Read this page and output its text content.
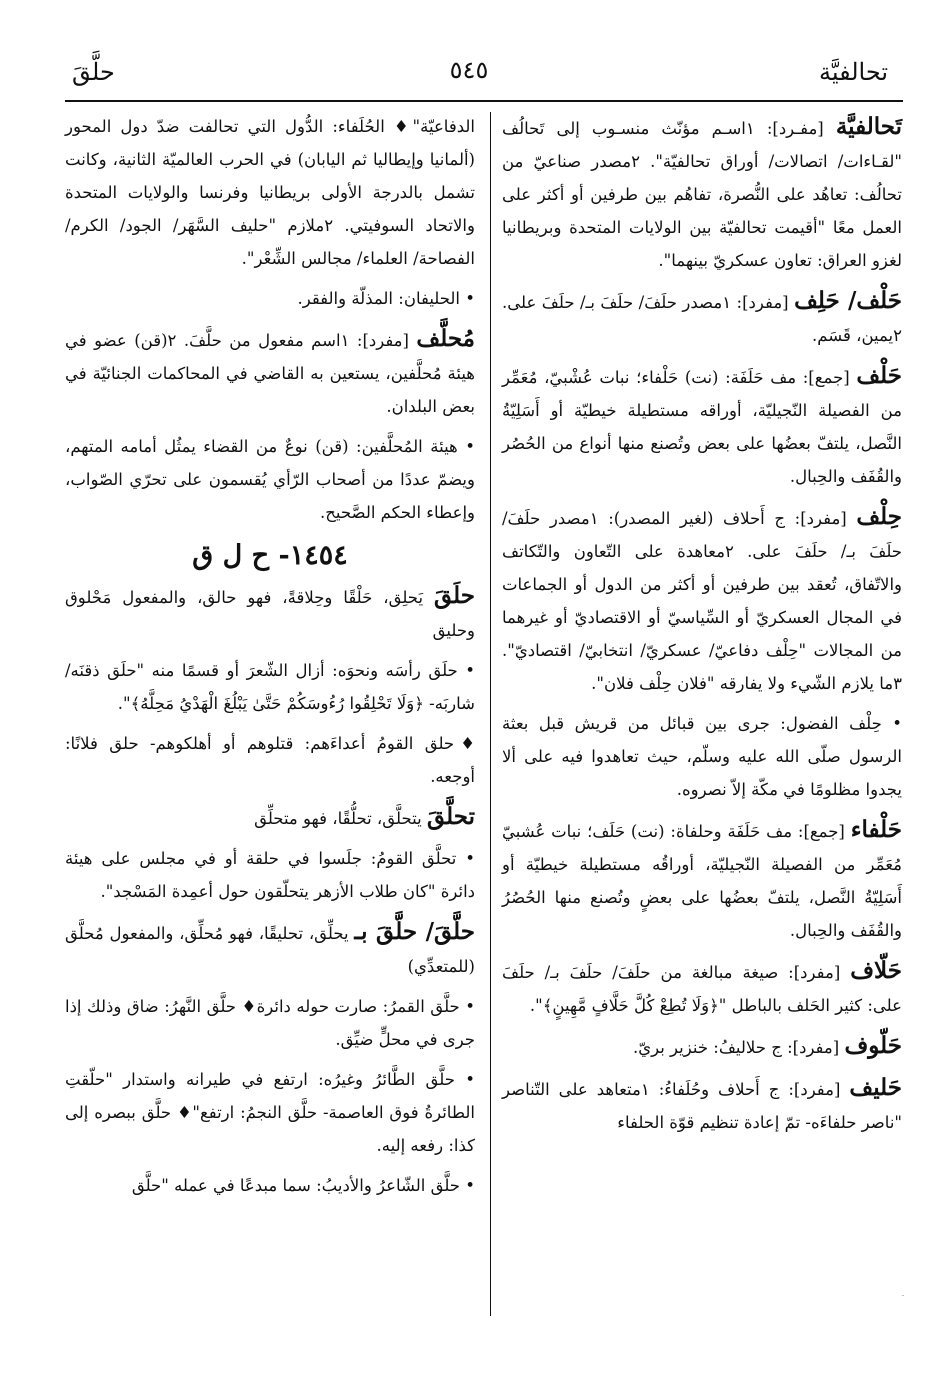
تحالفيَّة
٥٤٥
حلَّقَ

تَحالفيَّة [مفـرد]: ١اسـم مؤنّث منسـوب إلى تَحالُف "لقـاءات/ اتصالات/ أوراق تحالفيّة". ٢مصدر صناعيّ من تحالُف: تعاهُد على النُّصرة، تفاهُم بين طرفين أو أكثر على العمل معًا "أقيمت تحالفيّة بين الولايات المتحدة وبريطانيا لغزو العراق: تعاون عسكريّ بينهما".

حَلْف/ حَلِف [مفرد]: ١مصدر حلَفَ/ حلَفَ بـ/ حلَفَ على. ٢يمين، قَسَم.

حَلْف [جمع]: مف حَلَفَة: (نت) حَلْفاء؛ نبات عُشْبيّ، مُعَمِّر من الفصيلة النّجيليّة، أوراقه مستطيلة خيطيّة أو أَسَلِيّةُ النَّصل، يلتفّ بعضُها على بعض وتُصنع منها أنواع من الحُصُر والقُفَف والحِبال.

حِلْف [مفرد]: ج أَحلاف (لغير المصدر): ١مصدر حلَفَ/ حلَفَ بـ/ حلَفَ على. ٢معاهدة على التّعاون والتّكاتف والاتّفاق، تُعقد بين طرفين أو أكثر من الدول أو الجماعات في المجال العسكريّ أو السِّياسيّ أو الاقتصاديّ أو غيرهما من المجالات "حِلْف دفاعيّ/ عسكريّ/ انتخابيّ/ اقتصاديّ". ٣ما يلازم الشّيء ولا يفارقه "فلان حِلْف فلان".

• حِلْف الفضول: جرى بين قبائل من قريش قبل بعثة الرسول صلّى الله عليه وسلّم، حيث تعاهدوا فيه على ألا يجدوا مظلومًا في مكّة إلاّ نصروه.

حَلْفاء [جمع]: مف حَلَفَة وحلفاة: (نت) حَلَف؛ نبات عُشبيّ مُعَمِّر من الفصيلة النّجيليّة، أوراقُه مستطيلة خيطيّة أو أَسَلِيّةُ النَّصل، يلتفّ بعضُها على بعضٍ وتُصنع منها الحُصُرُ والقُفَف والحِبال.

حَلّاف [مفرد]: صيغة مبالغة من حلَفَ/ حلَفَ بـ/ حلَفَ على: كثير الحَلف بالباطل "﴿وَلَا تُطِعْ كُلَّ حَلَّافٍ مَّهِينٍ﴾".

حَلّوف [مفرد]: ج حلاليفُ: خنزير بريّ.

حَليف [مفرد]: ج أَحلاف وحُلَفاءُ: ١متعاهد على التّناصر "ناصر حلفاءَه- تمّ إعادة تنظيم قوّة الحلفاء

الدفاعيّة"♦ الحُلَفاء: الدُّول التي تحالفت ضدّ دول المحور (ألمانيا وإيطاليا ثم اليابان) في الحرب العالميّة الثانية، وكانت تشمل بالدرجة الأولى بريطانيا وفرنسا والولايات المتحدة والاتحاد السوفيتي. ٢ملازم "حليف السَّهَر/ الجود/ الكرم/ الفصاحة/ العلماء/ مجالس الشِّعْر".

• الحليفان: المذلّة والفقر.

مُحلَّف [مفرد]: ١اسم مفعول من حلَّفَ. ٢(قن) عضو في هيئة مُحلَّفين، يستعين به القاضي في المحاكمات الجنائيّة في بعض البلدان.

• هيئة المُحلَّفين: (قن) نوعٌ من القضاء يمثُل أمامه المتهم، ويضمّ عددًا من أصحاب الرّأي يُقسمون على تحرّي الصّواب، وإعطاء الحكم الصَّحيح.

١٤٥٤- ح ل ق

حلَقَ يَحلِق، حَلْقًا وحِلاقةً، فهو حالق، والمفعول مَحْلوق وحليق

• حلَق رأسَه ونحوَه: أزال الشّعرَ أو قسمًا منه "حلَق ذقنَه/ شاربَه- ﴿وَلَا تَحْلِقُوا رُءُوسَكُمْ حَتَّىٰ يَبْلُغَ الْهَدْيُ مَحِلَّهُ﴾".

♦حلق القومُ أعداءَهم: قتلوهم أو أهلكوهم- حلق فلانًا: أوجعه.

تحلَّقَ يتحلَّق، تحلُّقًا، فهو متحلِّق

• تحلَّق القومُ: جلَسوا في حلقة أو في مجلس على هيئة دائرة "كان طلاب الأزهر يتحلّقون حول أعمِدة المَسْجد".

حلَّقَ/ حلَّقَ بـ يحلِّق، تحليقًا، فهو مُحلِّق، والمفعول مُحلَّق (للمتعدِّي)

• حلَّق القمرُ: صارت حوله دائرة♦ حلَّق النَّهرُ: ضاق وذلك إذا جرى في محلٍّ ضيِّق.

• حلَّق الطَّائرُ وغيرُه: ارتفع في طيرانه واستدار "حلّقتِ الطائرةُ فوق العاصمة- حلَّق النجمُ: ارتفع"♦ حلَّق ببصره إلى كذا: رفعه إليه.

• حلَّق الشّاعرُ والأديبُ: سما مبدعًا في عمله "حلَّق
